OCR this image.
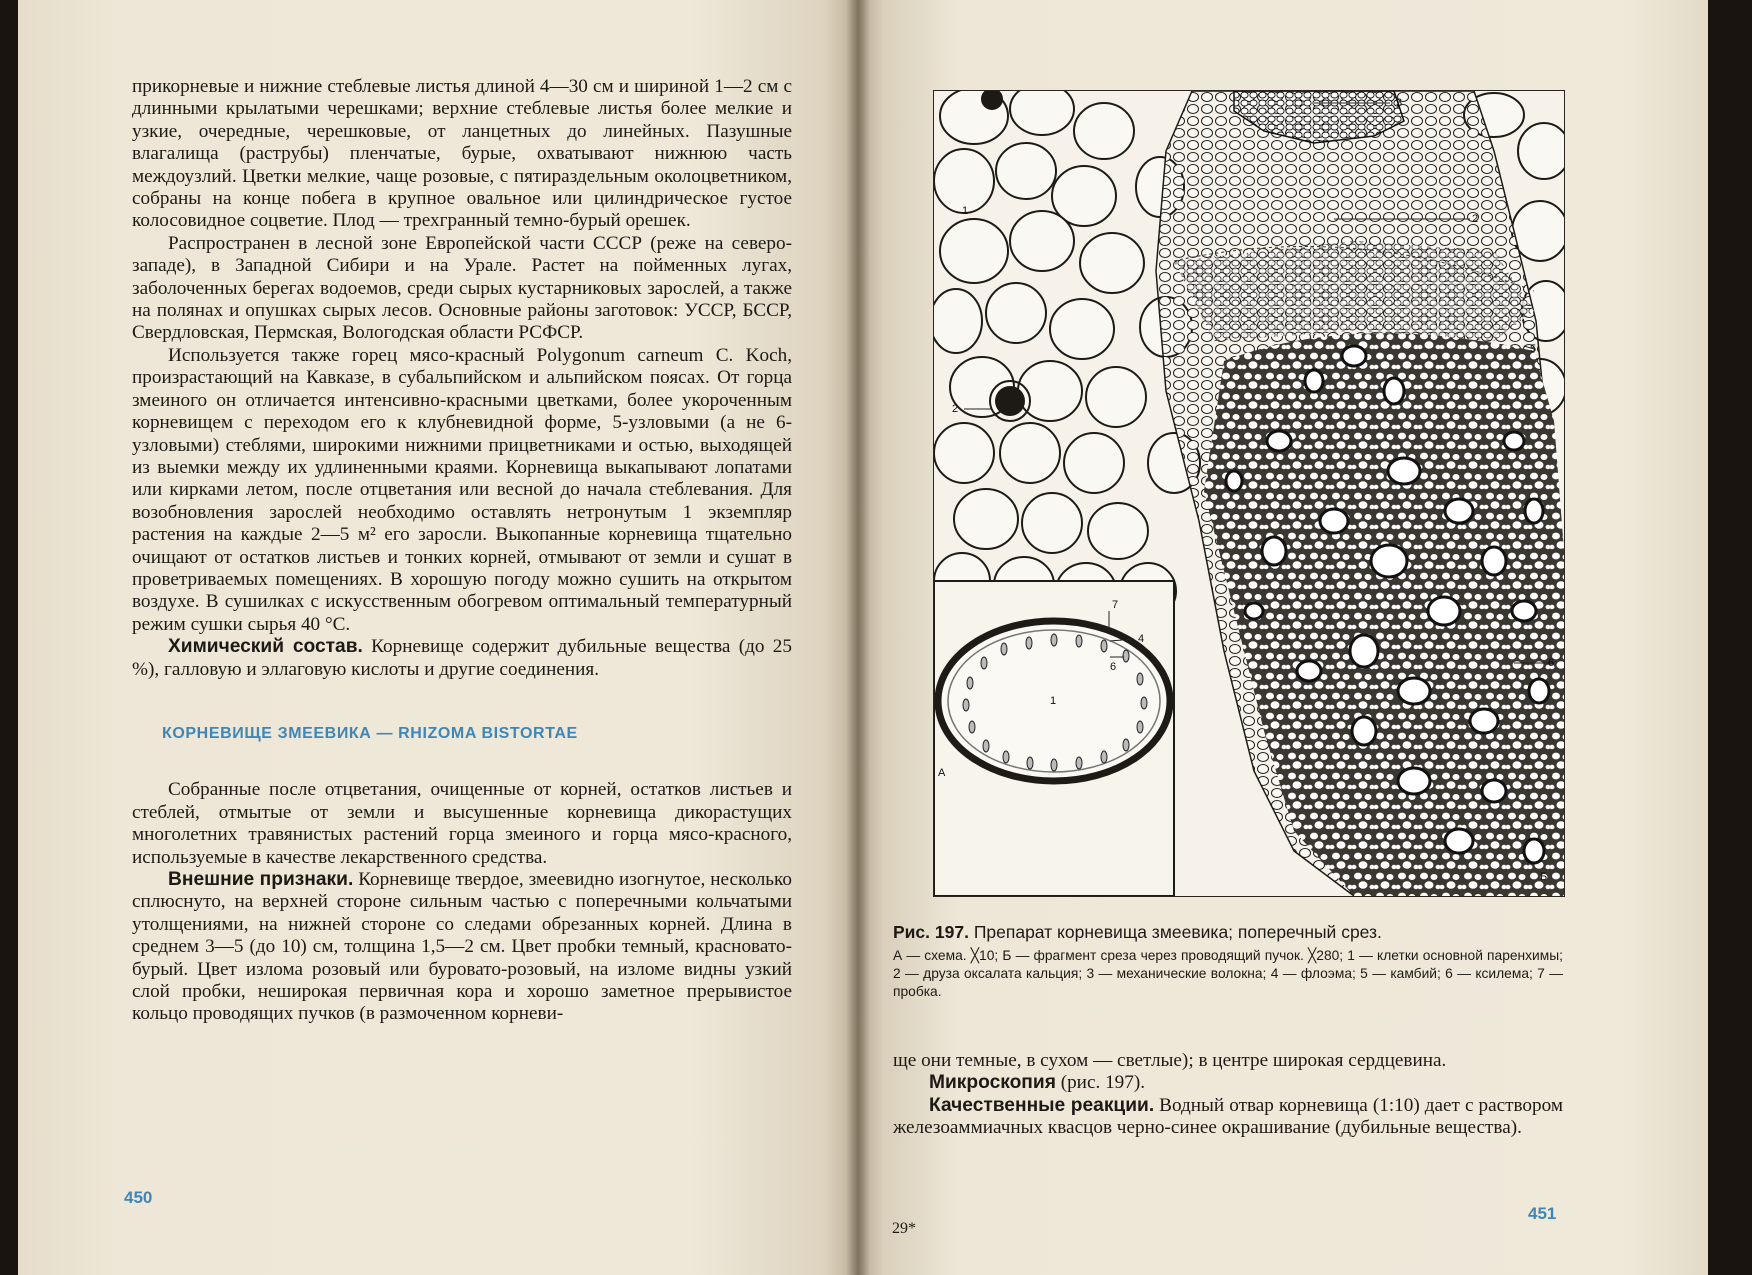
прикорневые и нижние стеблевые листья длиной 4—30 см и шириной 1—2 см с длинными крылатыми черешками; верхние стеблевые листья более мелкие и узкие, очередные, черешковые, от ланцетных до линейных. Пазушные влагалища (раструбы) пленчатые, бурые, охватывают нижнюю часть междоузлий. Цветки мелкие, чаще розовые, с пятираздельным околоцветником, собраны на конце побега в крупное овальное или цилиндрическое густое колосовидное соцветие. Плод — трехгранный темно-бурый орешек.

Распространен в лесной зоне Европейской части СССР (реже на северо-западе), в Западной Сибири и на Урале. Растет на пойменных лугах, заболоченных берегах водоемов, среди сырых кустарниковых зарослей, а также на полянах и опушках сырых лесов. Основные районы заготовок: УССР, БССР, Свердловская, Пермская, Вологодская области РСФСР.

Используется также горец мясо-красный Polygonum carneum C. Koch, произрастающий на Кавказе, в субальпийском и альпийском поясах. От горца змеиного он отличается интенсивно-красными цветками, более укороченным корневищем с переходом его к клубневидной форме, 5-узловыми (а не 6-узловыми) стеблями, широкими нижними прицветниками и остью, выходящей из выемки между их удлиненными краями. Корневища выкапывают лопатами или кирками летом, после отцветания или весной до начала стеблевания. Для возобновления зарослей необходимо оставлять нетронутым 1 экземпляр растения на каждые 2—5 м² его заросли. Выкопанные корневища тщательно очищают от остатков листьев и тонких корней, отмывают от земли и сушат в проветриваемых помещениях. В хорошую погоду можно сушить на открытом воздухе. В сушилках с искусственным обогревом оптимальный температурный режим сушки сырья 40 °С.

Химический состав. Корневище содержит дубильные вещества (до 25 %), галловую и эллаговую кислоты и другие соединения.

КОРНЕВИЩЕ ЗМЕЕВИКА — RHIZOMA BISTORTAE

Собранные после отцветания, очищенные от корней, остатков листьев и стеблей, отмытые от земли и высушенные корневища дикорастущих многолетних травянистых растений горца змеиного и горца мясо-красного, используемые в качестве лекарственного средства.

Внешние признаки. Корневище твердое, змеевидно изогнутое, несколько сплюснуто, на верхней стороне сильным частью с поперечными кольчатыми утолщениями, на нижней стороне со следами обрезанных корней. Длина в среднем 3—5 (до 10) см, толщина 1,5—2 см. Цвет пробки темный, красновато-бурый. Цвет излома розовый или буровато-розовый, на изломе видны узкий слой пробки, неширокая первичная кора и хорошо заметное прерывистое кольцо проводящих пучков (в размоченном корневи-

450
3
2
1
2
5
6
7
4
6
1
А
Б
Рис. 197. Препарат корневища змеевика; поперечный срез.
А — схема. ╳10; Б — фрагмент среза через проводящий пучок. ╳280; 1 — клетки основной паренхимы; 2 — друза оксалата кальция; 3 — механические волокна; 4 — флоэма; 5 — камбий; 6 — ксилема; 7 — пробка.

ще они темные, в сухом — светлые); в центре широкая сердцевина.

Микроскопия (рис. 197).

Качественные реакции. Водный отвар корневища (1:10) дает с раствором железоаммиачных квасцов черно-синее окрашивание (дубильные вещества).

29*
451
